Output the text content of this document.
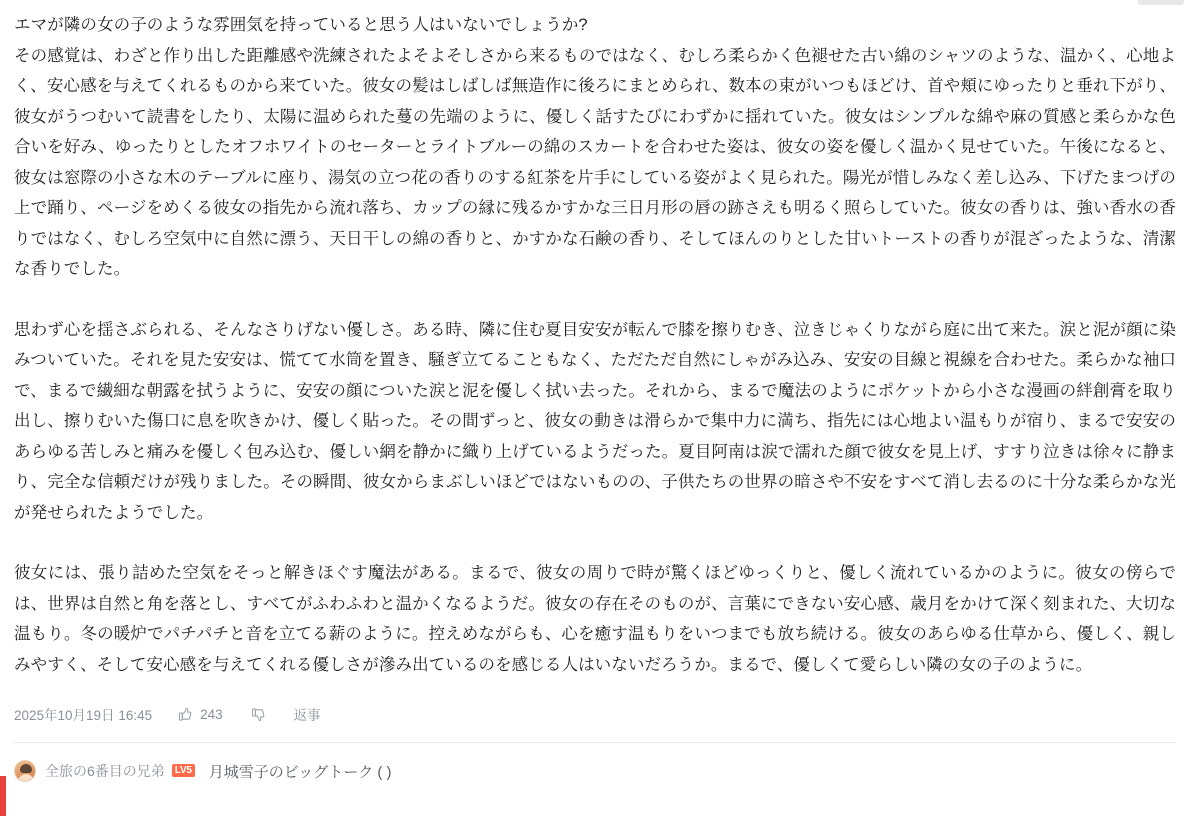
エマが隣の女の子のような雰囲気を持っていると思う人はいないでしょうか?

その感覚は、わざと作り出した距離感や洗練されたよそよそしさから来るものではなく、むしろ柔らかく色褪せた古い綿のシャツのような、温かく、心地よく、安心感を与えてくれるものから来ていた。彼女の髪はしばしば無造作に後ろにまとめられ、数本の束がいつもほどけ、首や頬にゆったりと垂れ下がり、彼女がうつむいて読書をしたり、太陽に温められた蔓の先端のように、優しく話すたびにわずかに揺れていた。彼女はシンプルな綿や麻の質感と柔らかな色合いを好み、ゆったりとしたオフホワイトのセーターとライトブルーの綿のスカートを合わせた姿は、彼女の姿を優しく温かく見せていた。午後になると、彼女は窓際の小さな木のテーブルに座り、湯気の立つ花の香りのする紅茶を片手にしている姿がよく見られた。陽光が惜しみなく差し込み、下げたまつげの上で踊り、ページをめくる彼女の指先から流れ落ち、カップの縁に残るかすかな三日月形の唇の跡さえも明るく照らしていた。彼女の香りは、強い香水の香りではなく、むしろ空気中に自然に漂う、天日干しの綿の香りと、かすかな石鹸の香り、そしてほんのりとした甘いトーストの香りが混ざったような、清潔な香りでした。

思わず心を揺さぶられる、そんなさりげない優しさ。ある時、隣に住む夏目安安が転んで膝を擦りむき、泣きじゃくりながら庭に出て来た。涙と泥が顔に染みついていた。それを見た安安は、慌てて水筒を置き、騒ぎ立てることもなく、ただただ自然にしゃがみ込み、安安の目線と視線を合わせた。柔らかな袖口で、まるで繊細な朝露を拭うように、安安の顔についた涙と泥を優しく拭い去った。それから、まるで魔法のようにポケットから小さな漫画の絆創膏を取り出し、擦りむいた傷口に息を吹きかけ、優しく貼った。その間ずっと、彼女の動きは滑らかで集中力に満ち、指先には心地よい温もりが宿り、まるで安安のあらゆる苦しみと痛みを優しく包み込む、優しい網を静かに織り上げているようだった。夏目阿南は涙で濡れた顔で彼女を見上げ、すすり泣きは徐々に静まり、完全な信頼だけが残りました。その瞬間、彼女からまぶしいほどではないものの、子供たちの世界の暗さや不安をすべて消し去るのに十分な柔らかな光が発せられたようでした。

彼女には、張り詰めた空気をそっと解きほぐす魔法がある。まるで、彼女の周りで時が驚くほどゆっくりと、優しく流れているかのように。彼女の傍らでは、世界は自然と角を落とし、すべてがふわふわと温かくなるようだ。彼女の存在そのものが、言葉にできない安心感、歳月をかけて深く刻まれた、大切な温もり。冬の暖炉でパチパチと音を立てる薪のように。控えめながらも、心を癒す温もりをいつまでも放ち続ける。彼女のあらゆる仕草から、優しく、親しみやすく、そして安心感を与えてくれる優しさが滲み出ているのを感じる人はいないだろうか。まるで、優しくて愛らしい隣の女の子のように。

2025年10月19日 16:45	243	返事
全旅の6番目の兄弟	LV5 月城雪子のビッグトーク ( )
